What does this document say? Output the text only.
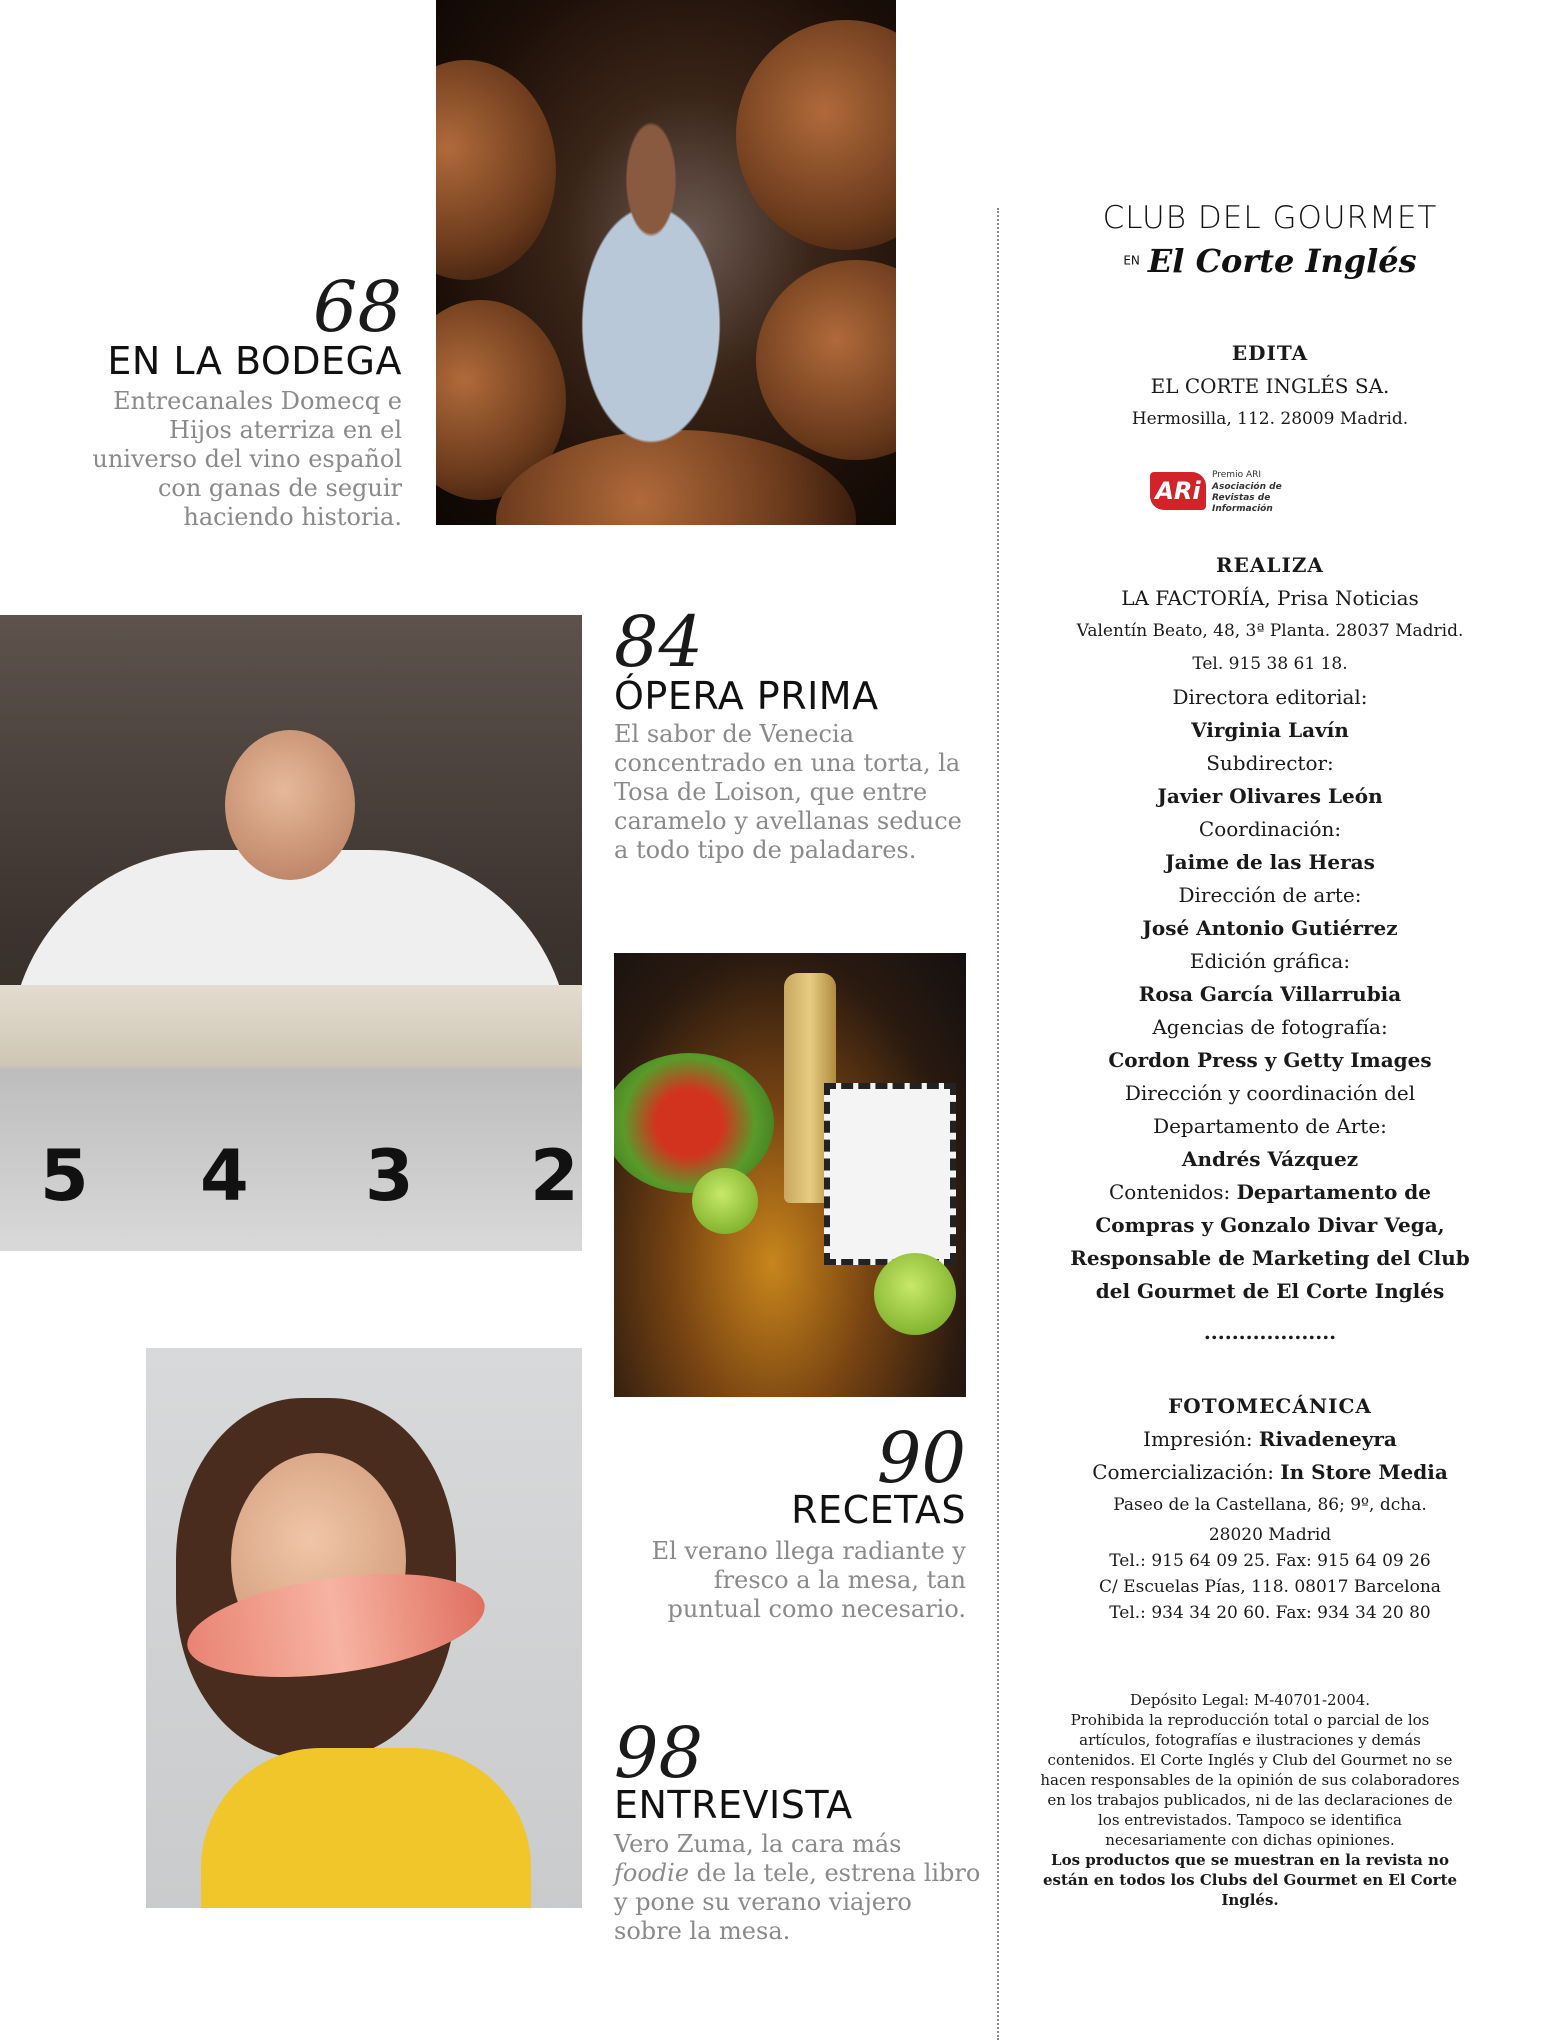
5 4 3 2
68
EN LA BODEGA
Entrecanales Domecq e Hijos aterriza en el universo del vino español con ganas de seguir haciendo historia.
84
ÓPERA PRIMA
El sabor de Venecia concentrado en una torta, la Tosa de Loison, que entre caramelo y avellanas seduce a todo tipo de paladares.
90
RECETAS
El verano llega radiante y fresco a la mesa, tan puntual como necesario.
98
ENTREVISTA
Vero Zuma, la cara más foodie de la tele, estrena libro y pone su verano viajero sobre la mesa.
CLUB DEL GOURMET
EN El Corte Inglés
EDITA
EL CORTE INGLÉS SA.
Hermosilla, 112. 28009 Madrid.
ARi
Premio ARI
Asociación de
Revistas de Información
REALIZA
LA FACTORÍA, Prisa Noticias
Valentín Beato, 48, 3ª Planta. 28037 Madrid.
Tel. 915 38 61 18.
Directora editorial:
Virginia Lavín
Subdirector:
Javier Olivares León
Coordinación:
Jaime de las Heras
Dirección de arte:
José Antonio Gutiérrez
Edición gráfica:
Rosa García Villarrubia
Agencias de fotografía:
Cordon Press y Getty Images
Dirección y coordinación del
Departamento de Arte:
Andrés Vázquez
Contenidos: Departamento de
Compras y Gonzalo Divar Vega,
Responsable de Marketing del Club
del Gourmet de El Corte Inglés
...................
FOTOMECÁNICA
Impresión: Rivadeneyra
Comercialización: In Store Media
Paseo de la Castellana, 86; 9º, dcha.
28020 Madrid
Tel.: 915 64 09 25. Fax: 915 64 09 26
C/ Escuelas Pías, 118. 08017 Barcelona
Tel.: 934 34 20 60. Fax: 934 34 20 80
Depósito Legal: M-40701-2004.
Prohibida la reproducción total o parcial de los artículos, fotografías e ilustraciones y demás contenidos. El Corte Inglés y Club del Gourmet no se hacen responsables de la opinión de sus colaboradores en los trabajos publicados, ni de las declaraciones de los entrevistados. Tampoco se identifica necesariamente con dichas opiniones.
Los productos que se muestran en la revista no están en todos los Clubs del Gourmet en El Corte Inglés.
